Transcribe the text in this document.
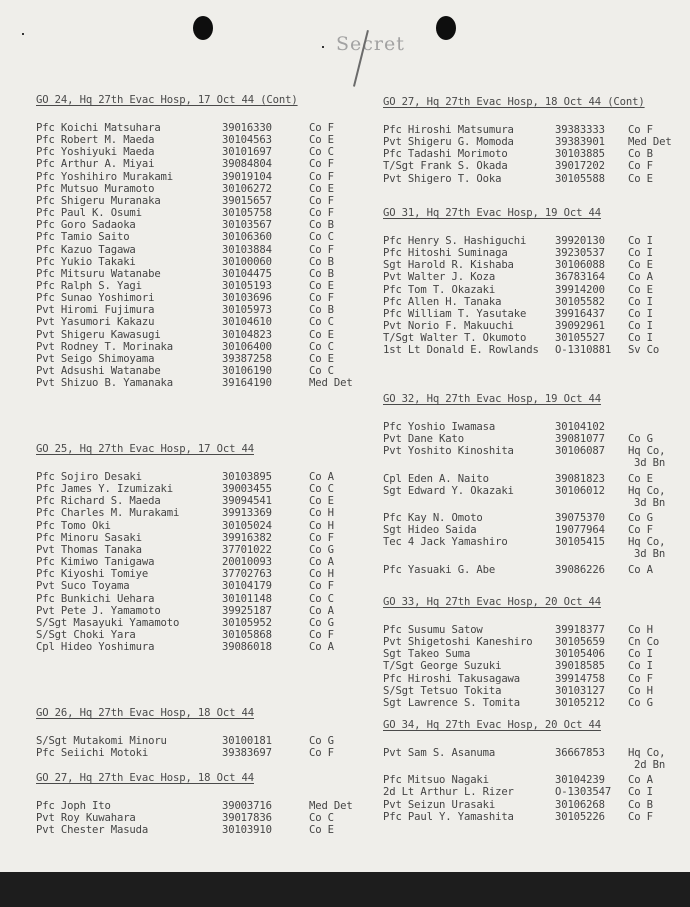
Secret
GO 24, Hq 27th Evac Hosp, 17 Oct 44 (Cont)
Pfc Koichi Matsuhara	39016330	Co F
Pfc Robert M. Maeda	30104563	Co E
Pfc Yoshiyuki Maeda	30101697	Co C
Pfc Arthur A. Miyai	39084804	Co F
Pfc Yoshihiro Murakami	39019104	Co F
Pfc Mutsuo Muramoto	30106272	Co E
Pfc Shigeru Muranaka	39015657	Co F
Pfc Paul K. Osumi	30105758	Co F
Pfc Goro Sadaoka	30103567	Co B
Pfc Tamio Saito	30106360	Co C
Pfc Kazuo Tagawa	30103884	Co F
Pfc Yukio Takaki	30100060	Co B
Pfc Mitsuru Watanabe	30104475	Co B
Pfc Ralph S. Yagi	30105193	Co E
Pfc Sunao Yoshimori	30103696	Co F
Pvt Hiromi Fujimura	30105973	Co B
Pvt Yasumori Kakazu	30104610	Co C
Pvt Shigeru Kawasugi	30104823	Co E
Pvt Rodney T. Morinaka	30106400	Co C
Pvt Seigo Shimoyama	39387258	Co E
Pvt Adsushi Watanabe	30106190	Co C
Pvt Shizuo B. Yamanaka	39164190	Med Det
GO 25, Hq 27th Evac Hosp, 17 Oct 44
Pfc Sojiro Desaki	30103895	Co A
Pfc James Y. Izumizaki	39003455	Co C
Pfc Richard S. Maeda	39094541	Co E
Pfc Charles M. Murakami	39913369	Co H
Pfc Tomo Oki	30105024	Co H
Pfc Minoru Sasaki	39916382	Co F
Pvt Thomas Tanaka	37701022	Co G
Pfc Kimiwo Tanigawa	20010093	Co A
Pfc Kiyoshi Tomiye	37702763	Co H
Pvt Suco Toyama	30104179	Co F
Pfc Bunkichi Uehara	30101148	Co C
Pvt Pete J. Yamamoto	39925187	Co A
S/Sgt Masayuki Yamamoto	30105952	Co G
S/Sgt Choki Yara	30105868	Co F
Cpl Hideo Yoshimura	39086018	Co A
GO 26, Hq 27th Evac Hosp, 18 Oct 44
S/Sgt Mutakomi Minoru	30100181	Co G
Pfc Seiichi Motoki	39383697	Co F
GO 27, Hq 27th Evac Hosp, 18 Oct 44
Pfc Joph Ito	39003716	Med Det
Pvt Roy Kuwahara	39017836	Co C
Pvt Chester Masuda	30103910	Co E
GO 27, Hq 27th Evac Hosp, 18 Oct 44 (Cont)
Pfc Hiroshi Matsumura	39383333 Co F
Pvt Shigeru G. Momoda	39383901 Med Det
Pfc Tadashi Morimoto	30103885 Co B
T/Sgt Frank S. Okada	39017202 Co F
Pvt Shigero T. Ooka	30105588 Co E
GO 31, Hq 27th Evac Hosp, 19 Oct 44
Pfc Henry S. Hashiguchi	39920130 Co I
Pfc Hitoshi Suminaga	39230537 Co I
Sgt Harold R. Kishaba	30106088 Co E
Pvt Walter J. Koza	36783164 Co A
Pfc Tom T. Okazaki	39914200 Co E
Pfc Allen H. Tanaka	30105582 Co I
Pfc William T. Yasutake	39916437 Co I
Pvt Norio F. Makuuchi	39092961 Co I
T/Sgt Walter T. Okumoto	30105527 Co I
1st Lt Donald E. Rowlands O-1310881 Sv Co
GO 32, Hq 27th Evac Hosp, 19 Oct 44
Pfc Yoshio Iwamasa	30104102
Pvt Dane Kato	39081077 Co G
Pvt Yoshito Kinoshita	30106087 Hq Co,
3d Bn
Cpl Eden A. Naito	39081823 Co E
Sgt Edward Y. Okazaki	30106012 Hq Co,
3d Bn
Pfc Kay N. Omoto	39075370 Co G
Sgt Hideo Saida	19077964 Co F
Tec 4 Jack Yamashiro	30105415 Hq Co,
3d Bn
Pfc Yasuaki G. Abe	39086226 Co A
GO 33, Hq 27th Evac Hosp, 20 Oct 44
Pfc Susumu Satow	39918377 Co H
Pvt Shigetoshi Kaneshiro 30105659 Cn Co
Sgt Takeo Suma	30105406 Co I
T/Sgt George Suzuki	39018585 Co I
Pfc Hiroshi Takusagawa	39914758 Co F
S/Sgt Tetsuo Tokita	30103127 Co H
Sgt Lawrence S. Tomita	30105212 Co G
GO 34, Hq 27th Evac Hosp, 20 Oct 44
Pvt Sam S. Asanuma	36667853 Hq Co,
2d Bn
Pfc Mitsuo Nagaki	30104239 Co A
2d Lt Arthur L. Rizer	O-1303547 Co I
Pvt Seizun Urasaki	30106268 Co B
Pfc Paul Y. Yamashita	30105226 Co F
